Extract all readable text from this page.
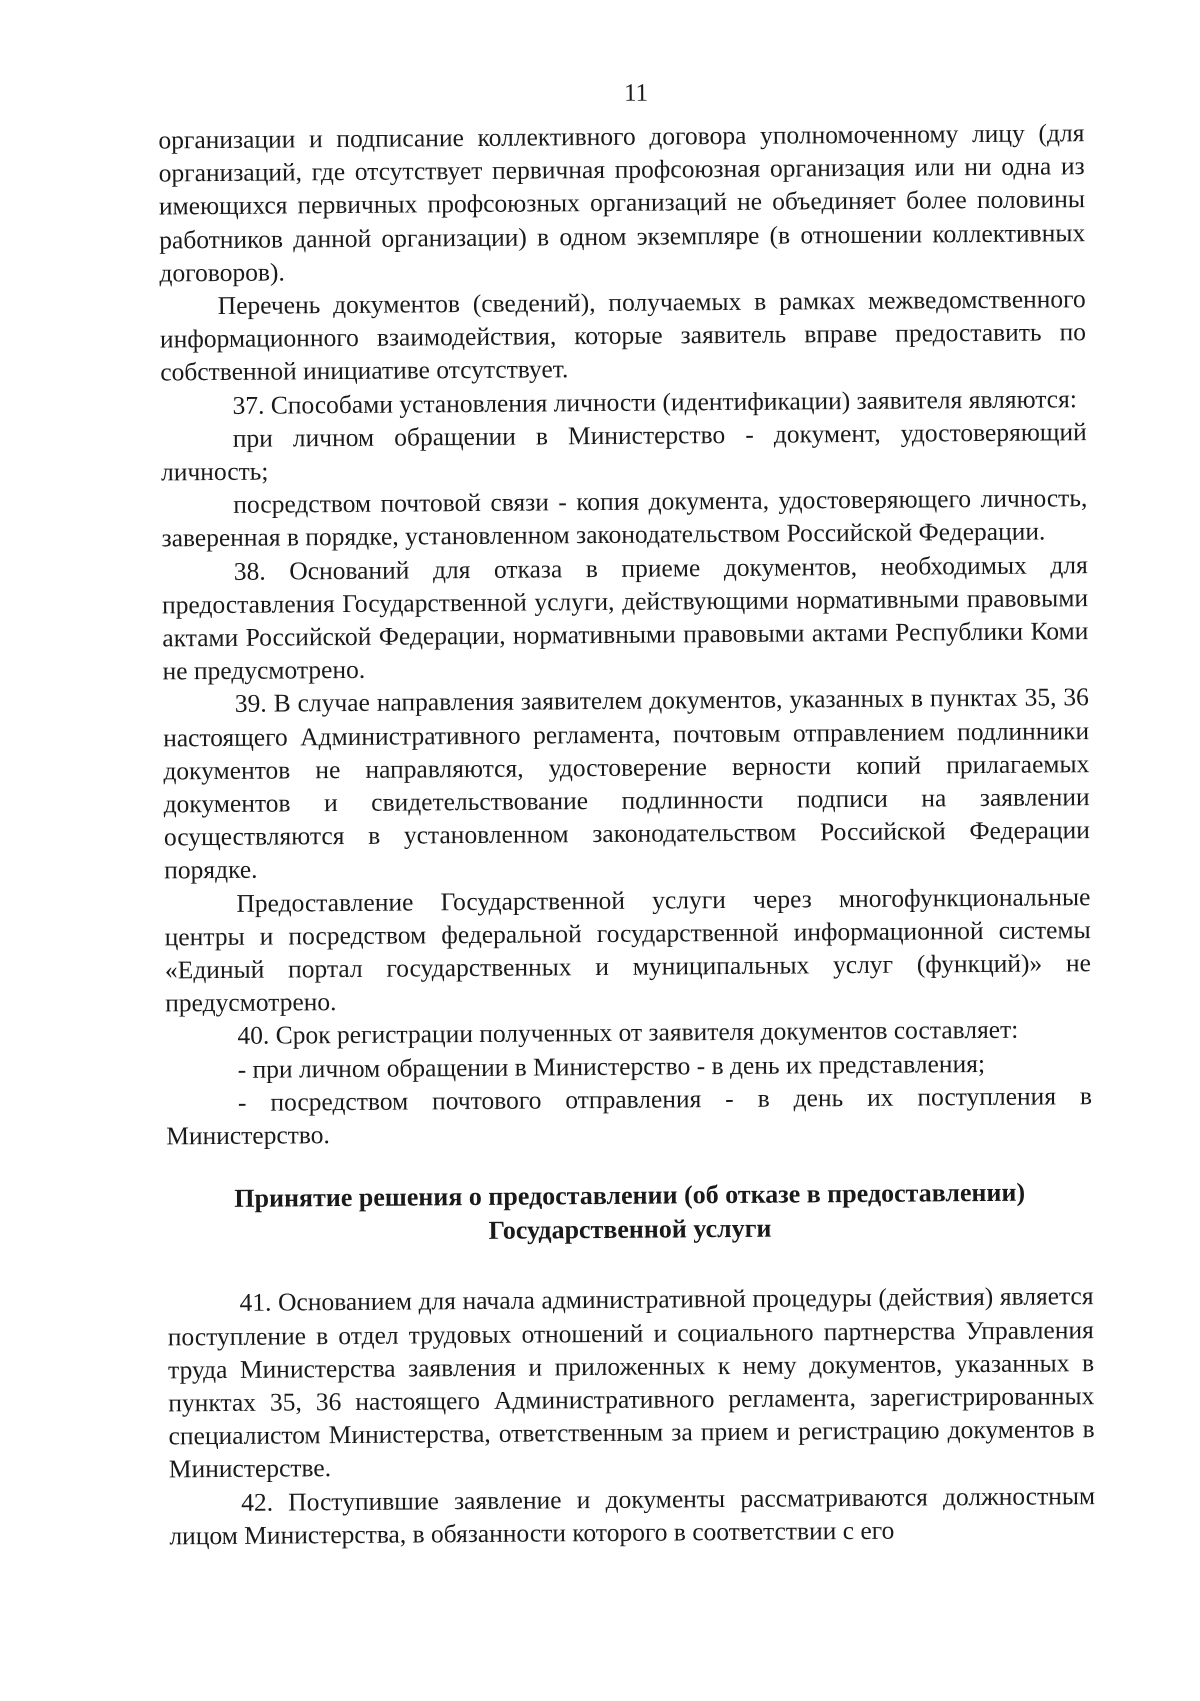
11

организации и подписание коллективного договора уполномоченному лицу (для организаций, где отсутствует первичная профсоюзная организация или ни одна из имеющихся первичных профсоюзных организаций не объединяет более половины работников данной организации) в одном экземпляре (в отношении коллективных договоров).

Перечень документов (сведений), получаемых в рамках межведомственного информационного взаимодействия, которые заявитель вправе предоставить по собственной инициативе отсутствует.

37. Способами установления личности (идентификации) заявителя являются:

при личном обращении в Министерство - документ, удостоверяющий личность;

посредством почтовой связи - копия документа, удостоверяющего личность, заверенная в порядке, установленном законодательством Российской Федерации.

38. Оснований для отказа в приеме документов, необходимых для предоставления Государственной услуги, действующими нормативными правовыми актами Российской Федерации, нормативными правовыми актами Республики Коми не предусмотрено.

39. В случае направления заявителем документов, указанных в пунктах 35, 36 настоящего Административного регламента, почтовым отправлением подлинники документов не направляются, удостоверение верности копий прилагаемых документов и свидетельствование подлинности подписи на заявлении осуществляются в установленном законодательством Российской Федерации порядке.

Предоставление Государственной услуги через многофункциональные центры и посредством федеральной государственной информационной системы «Единый портал государственных и муниципальных услуг (функций)» не предусмотрено.

40. Срок регистрации полученных от заявителя документов составляет:

- при личном обращении в Министерство - в день их представления;

- посредством почтового отправления - в день их поступления в Министерство.

Принятие решения о предоставлении (об отказе в предоставлении)
Государственной услуги

41. Основанием для начала административной процедуры (действия) является поступление в отдел трудовых отношений и социального партнерства Управления труда Министерства заявления и приложенных к нему документов, указанных в пунктах 35, 36 настоящего Административного регламента, зарегистрированных специалистом Министерства, ответственным за прием и регистрацию документов в Министерстве.

42. Поступившие заявление и документы рассматриваются должностным лицом Министерства, в обязанности которого в соответствии с его
